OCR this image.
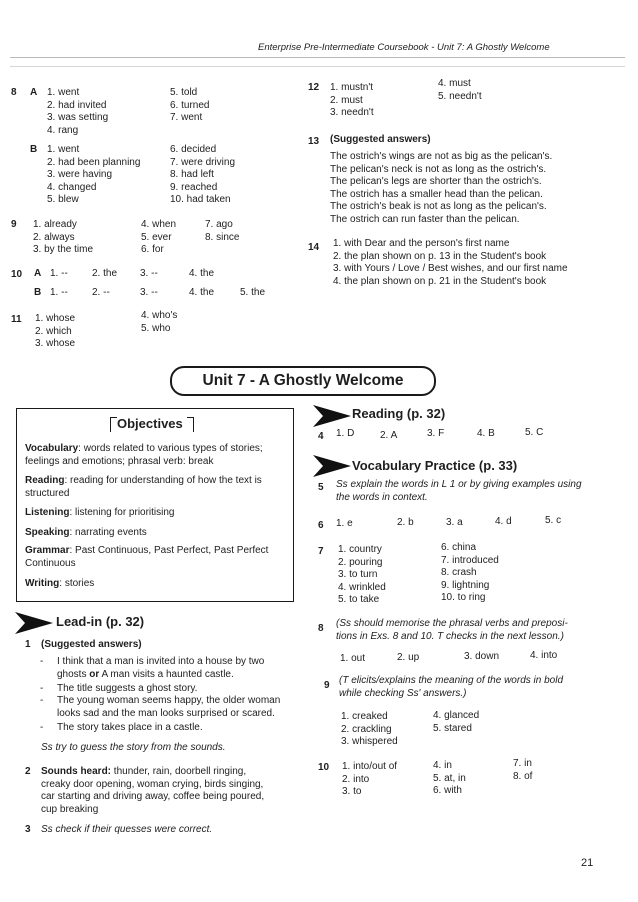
Enterprise Pre-Intermediate Coursebook - Unit 7: A Ghostly Welcome
8 A 1. went
2. had invited
3. was setting
4. rang
5. told
6. turned
7. went
B 1. went
2. had been planning
3. were having
4. changed
5. blew
6. decided
7. were driving
8. had left
9. reached
10. had taken
9 1. already
2. always
3. by the time
4. when
5. ever
6. for
7. ago
8. since
10 A 1. -- 2. the 3. --	4. the
B 1. -- 2. --	3. --	4. the	5. the
11 1. whose
2. which
3. whose
4. who's
5. who
12 1. mustn't
2. must
3. needn't
4. must
5. needn't
13 (Suggested answers)
The ostrich's wings are not as big as the pelican's.
The pelican's neck is not as long as the ostrich's.
The pelican's legs are shorter than the ostrich's.
The ostrich has a smaller head than the pelican.
The ostrich's beak is not as long as the pelican's.
The ostrich can run faster than the pelican.
14 1. with Dear and the person's first name
2. the plan shown on p. 13 in the Student's book
3. with Yours / Love / Best wishes, and our first name
4. the plan shown on p. 21 in the Student's book
Unit 7 - A Ghostly Welcome
Objectives
Vocabulary: words related to various types of stories;
feelings and emotions; phrasal verb: break
Reading: reading for understanding of how the text is
structured
Listening: listening for prioritising
Speaking: narrating events
Grammar: Past Continuous, Past Perfect, Past Perfect
Continuous
Writing: stories
Lead-in (p. 32)
1 (Suggested answers)
- I think that a man is invited into a house by two
ghosts or A man visits a haunted castle.
- The title suggests a ghost story.
- The young woman seems happy, the older woman
looks sad and the man looks surprised or scared.
- The story takes place in a castle.
Ss try to guess the story from the sounds.
2 Sounds heard: thunder, rain, doorbell ringing,
creaky door opening, woman crying, birds singing,
car starting and driving away, coffee being poured,
cup breaking
3 Ss check if their quesses were correct.
Reading (p. 32)
4 1. D	2. A	3. F	4. B	5. C
Vocabulary Practice (p. 33)
5 Ss explain the words in L 1 or by giving examples using
the words in context.
6 1. e	2. b	3. a	4. d	5. c
7 1. country
2. pouring
3. to turn
4. wrinkled
5. to take
6. china
7. introduced
8. crash
9. lightning
10. to ring
8 (Ss should memorise the phrasal verbs and preposi-
tions in Exs. 8 and 10. T checks in the next lesson.)
1. out	2. up	3. down	4. into
9 (T elicits/explains the meaning of the words in bold
while checking Ss' answers.)
1. creaked
2. crackling
3. whispered
4. glanced
5. stared
10 1. into/out of
2. into
3. to
4. in
5. at, in
6. with
7. in
8. of
21
